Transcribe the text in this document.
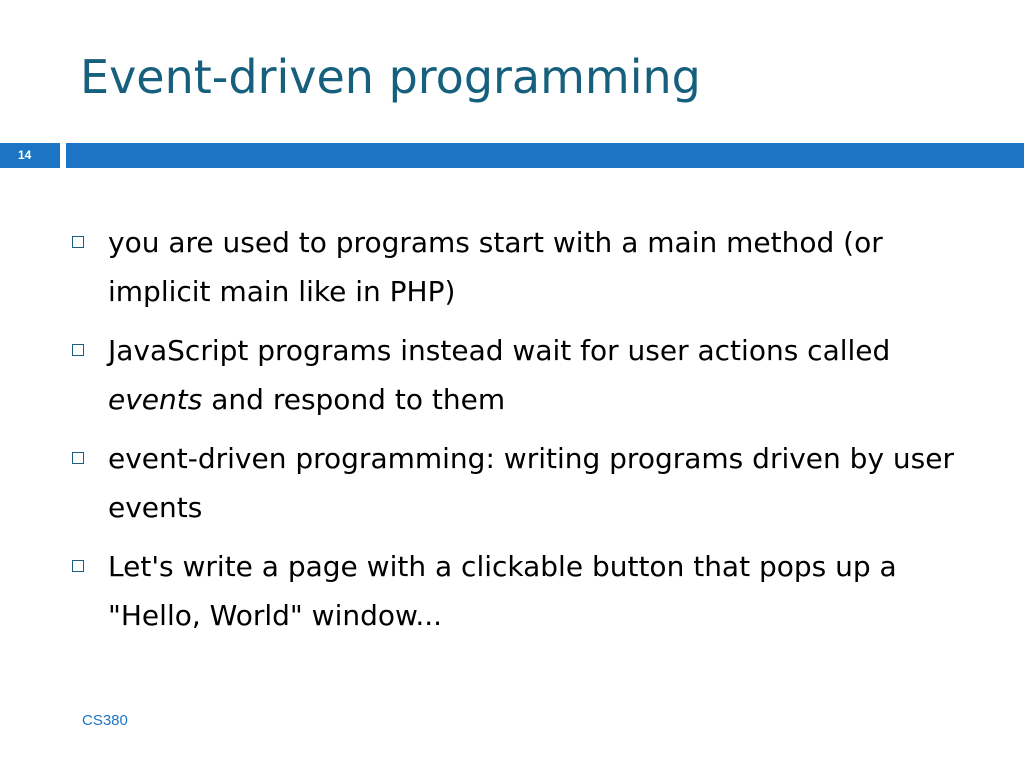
Event-driven programming
14
you are used to programs start with a main method (or implicit main like in PHP)
JavaScript programs instead wait for user actions called events and respond to them
event-driven programming: writing programs driven by user events
Let's write a page with a clickable button that pops up a "Hello, World" window...
CS380
